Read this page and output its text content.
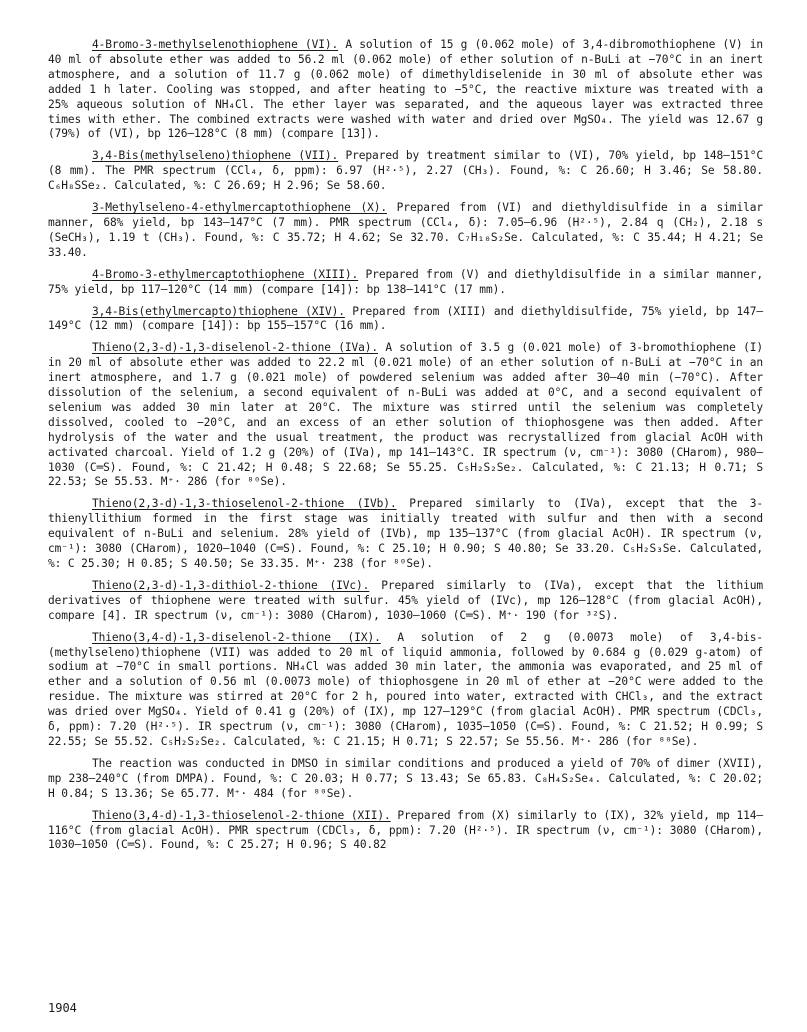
4-Bromo-3-methylselenothiophene (VI). A solution of 15 g (0.062 mole) of 3,4-dibromothiophene (V) in 40 ml of absolute ether was added to 56.2 ml (0.062 mole) of ether solution of n-BuLi at −70°C in an inert atmosphere, and a solution of 11.7 g (0.062 mole) of dimethyldiselenide in 30 ml of absolute ether was added 1 h later. Cooling was stopped, and after heating to −5°C, the reactive mixture was treated with a 25% aqueous solution of NH₄Cl. The ether layer was separated, and the aqueous layer was extracted three times with ether. The combined extracts were washed with water and dried over MgSO₄. The yield was 12.67 g (79%) of (VI), bp 126–128°C (8 mm) (compare [13]).

3,4-Bis(methylseleno)thiophene (VII). Prepared by treatment similar to (VI), 70% yield, bp 148–151°C (8 mm). The PMR spectrum (CCl₄, δ, ppm): 6.97 (H²·⁵), 2.27 (CH₃). Found, %: C 26.60; H 3.46; Se 58.80. C₆H₈SSe₂. Calculated, %: C 26.69; H 2.96; Se 58.60.

3-Methylseleno-4-ethylmercaptothiophene (X). Prepared from (VI) and diethyldisulfide in a similar manner, 68% yield, bp 143–147°C (7 mm). PMR spectrum (CCl₄, δ): 7.05–6.96 (H²·⁵), 2.84 q (CH₂), 2.18 s (SeCH₃), 1.19 t (CH₃). Found, %: C 35.72; H 4.62; Se 32.70. C₇H₁₀S₂Se. Calculated, %: C 35.44; H 4.21; Se 33.40.

4-Bromo-3-ethylmercaptothiophene (XIII). Prepared from (V) and diethyldisulfide in a similar manner, 75% yield, bp 117–120°C (14 mm) (compare [14]): bp 138–141°C (17 mm).

3,4-Bis(ethylmercapto)thiophene (XIV). Prepared from (XIII) and diethyldisulfide, 75% yield, bp 147–149°C (12 mm) (compare [14]): bp 155–157°C (16 mm).

Thieno(2,3-d)-1,3-diselenol-2-thione (IVa). A solution of 3.5 g (0.021 mole) of 3-bromothiophene (I) in 20 ml of absolute ether was added to 22.2 ml (0.021 mole) of an ether solution of n-BuLi at −70°C in an inert atmosphere, and 1.7 g (0.021 mole) of powdered selenium was added after 30–40 min (−70°C). After dissolution of the selenium, a second equivalent of n-BuLi was added at 0°C, and a second equivalent of selenium was added 30 min later at 20°C. The mixture was stirred until the selenium was completely dissolved, cooled to −20°C, and an excess of an ether solution of thiophosgene was then added. After hydrolysis of the water and the usual treatment, the product was recrystallized from glacial AcOH with activated charcoal. Yield of 1.2 g (20%) of (IVa), mp 141–143°C. IR spectrum (ν, cm⁻¹): 3080 (CHarom), 980–1030 (C═S). Found, %: C 21.42; H 0.48; S 22.68; Se 55.25. C₅H₂S₂Se₂. Calculated, %: C 21.13; H 0.71; S 22.53; Se 55.53. M⁺· 286 (for ⁸⁰Se).

Thieno(2,3-d)-1,3-thioselenol-2-thione (IVb). Prepared similarly to (IVa), except that the 3-thienyllithium formed in the first stage was initially treated with sulfur and then with a second equivalent of n-BuLi and selenium. 28% yield of (IVb), mp 135–137°C (from glacial AcOH). IR spectrum (ν, cm⁻¹): 3080 (CHarom), 1020–1040 (C═S). Found, %: C 25.10; H 0.90; S 40.80; Se 33.20. C₅H₂S₃Se. Calculated, %: C 25.30; H 0.85; S 40.50; Se 33.35. M⁺· 238 (for ⁸⁰Se).

Thieno(2,3-d)-1,3-dithiol-2-thione (IVc). Prepared similarly to (IVa), except that the lithium derivatives of thiophene were treated with sulfur. 45% yield of (IVc), mp 126–128°C (from glacial AcOH), compare [4]. IR spectrum (ν, cm⁻¹): 3080 (CHarom), 1030–1060 (C═S). M⁺· 190 (for ³²S).

Thieno(3,4-d)-1,3-diselenol-2-thione (IX). A solution of 2 g (0.0073 mole) of 3,4-bis-(methylseleno)thiophene (VII) was added to 20 ml of liquid ammonia, followed by 0.684 g (0.029 g-atom) of sodium at −70°C in small portions. NH₄Cl was added 30 min later, the ammonia was evaporated, and 25 ml of ether and a solution of 0.56 ml (0.0073 mole) of thiophosgene in 20 ml of ether at −20°C were added to the residue. The mixture was stirred at 20°C for 2 h, poured into water, extracted with CHCl₃, and the extract was dried over MgSO₄. Yield of 0.41 g (20%) of (IX), mp 127–129°C (from glacial AcOH). PMR spectrum (CDCl₃, δ, ppm): 7.20 (H²·⁵). IR spectrum (ν, cm⁻¹): 3080 (CHarom), 1035–1050 (C═S). Found, %: C 21.52; H 0.99; S 22.55; Se 55.52. C₅H₂S₂Se₂. Calculated, %: C 21.15; H 0.71; S 22.57; Se 55.56. M⁺· 286 (for ⁸⁰Se).

The reaction was conducted in DMSO in similar conditions and produced a yield of 70% of dimer (XVII), mp 238–240°C (from DMPA). Found, %: C 20.03; H 0.77; S 13.43; Se 65.83. C₈H₄S₂Se₄. Calculated, %: C 20.02; H 0.84; S 13.36; Se 65.77. M⁺· 484 (for ⁸⁰Se).

Thieno(3,4-d)-1,3-thioselenol-2-thione (XII). Prepared from (X) similarly to (IX), 32% yield, mp 114–116°C (from glacial AcOH). PMR spectrum (CDCl₃, δ, ppm): 7.20 (H²·⁵). IR spectrum (ν, cm⁻¹): 3080 (CHarom), 1030–1050 (C═S). Found, %: C 25.27; H 0.96; S 40.82

1904
